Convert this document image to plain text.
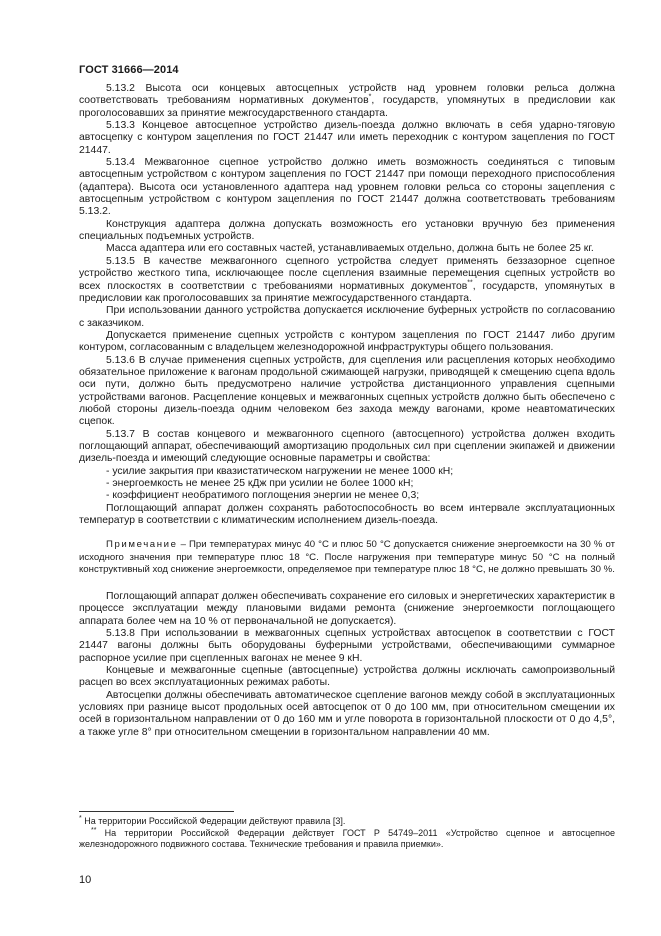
ГОСТ 31666—2014

5.13.2 Высота оси концевых автосцепных устройств над уровнем головки рельса должна соответствовать требованиям нормативных документов*, государств, упомянутых в предисловии как проголосовавших за принятие межгосударственного стандарта.

5.13.3 Концевое автосцепное устройство дизель-поезда должно включать в себя ударно-тяговую автосцепку с контуром зацепления по ГОСТ 21447 или иметь переходник с контуром зацепления по ГОСТ 21447.

5.13.4 Межвагонное сцепное устройство должно иметь возможность соединяться с типовым автосцепным устройством с контуром зацепления по ГОСТ 21447 при помощи переходного приспособления (адаптера). Высота оси установленного адаптера над уровнем головки рельса со стороны зацепления с автосцепным устройством с контуром зацепления по ГОСТ 21447 должна соответствовать требованиям 5.13.2.

Конструкция адаптера должна допускать возможность его установки вручную без применения специальных подъемных устройств.

Масса адаптера или его составных частей, устанавливаемых отдельно, должна быть не более 25 кг.

5.13.5 В качестве межвагонного сцепного устройства следует применять беззазорное сцепное устройство жесткого типа, исключающее после сцепления взаимные перемещения сцепных устройств во всех плоскостях в соответствии с требованиями нормативных документов**, государств, упомянутых в предисловии как проголосовавших за принятие межгосударственного стандарта.

При использовании данного устройства допускается исключение буферных устройств по согласованию с заказчиком.

Допускается применение сцепных устройств с контуром зацепления по ГОСТ 21447 либо другим контуром, согласованным с владельцем железнодорожной инфраструктуры общего пользования.

5.13.6 В случае применения сцепных устройств, для сцепления или расцепления которых необходимо обязательное приложение к вагонам продольной сжимающей нагрузки, приводящей к смещению сцепа вдоль оси пути, должно быть предусмотрено наличие устройства дистанционного управления сцепными устройствами вагонов. Расцепление концевых и межвагонных сцепных устройств должно быть обеспечено с любой стороны дизель-поезда одним человеком без захода между вагонами, кроме неавтоматических сцепок.

5.13.7 В состав концевого и межвагонного сцепного (автосцепного) устройства должен входить поглощающий аппарат, обеспечивающий амортизацию продольных сил при сцеплении экипажей и движении дизель-поезда и имеющий следующие основные параметры и свойства:

- усилие закрытия при квазистатическом нагружении не менее 1000 кН;

- энергоемкость не менее 25 кДж при усилии не более 1000 кН;

- коэффициент необратимого поглощения энергии не менее 0,3;

Поглощающий аппарат должен сохранять работоспособность во всем интервале эксплуатационных температур в соответствии с климатическим исполнением дизель-поезда.

Примечание – При температурах минус 40 °С и плюс 50 °С допускается снижение энергоемкости на 30 % от исходного значения при температуре плюс 18 °С. После нагружения при температуре минус 50 °С на полный конструктивный ход снижение энергоемкости, определяемое при температуре плюс 18 °С, не должно превышать 30 %.

Поглощающий аппарат должен обеспечивать сохранение его силовых и энергетических характеристик в процессе эксплуатации между плановыми видами ремонта (снижение энергоемкости поглощающего аппарата более чем на 10 % от первоначальной не допускается).

5.13.8 При использовании в межвагонных сцепных устройствах автосцепок в соответствии с ГОСТ 21447 вагоны должны быть оборудованы буферными устройствами, обеспечивающими суммарное распорное усилие при сцепленных вагонах не менее 9 кН.

Концевые и межвагонные сцепные (автосцепные) устройства должны исключать самопроизвольный расцеп во всех эксплуатационных режимах работы.

Автосцепки должны обеспечивать автоматическое сцепление вагонов между собой в эксплуатационных условиях при разнице высот продольных осей автосцепок от 0 до 100 мм, при относительном смещении их осей в горизонтальном направлении от 0 до 160 мм и угле поворота в горизонтальной плоскости от 0 до 4,5°, а также угле 8° при относительном смещении в горизонтальном направлении 40 мм.

* На территории Российской Федерации действуют правила [3].

** На территории Российской Федерации действует ГОСТ Р 54749–2011 «Устройство сцепное и автосцепное железнодорожного подвижного состава. Технические требования и правила приемки».

10
